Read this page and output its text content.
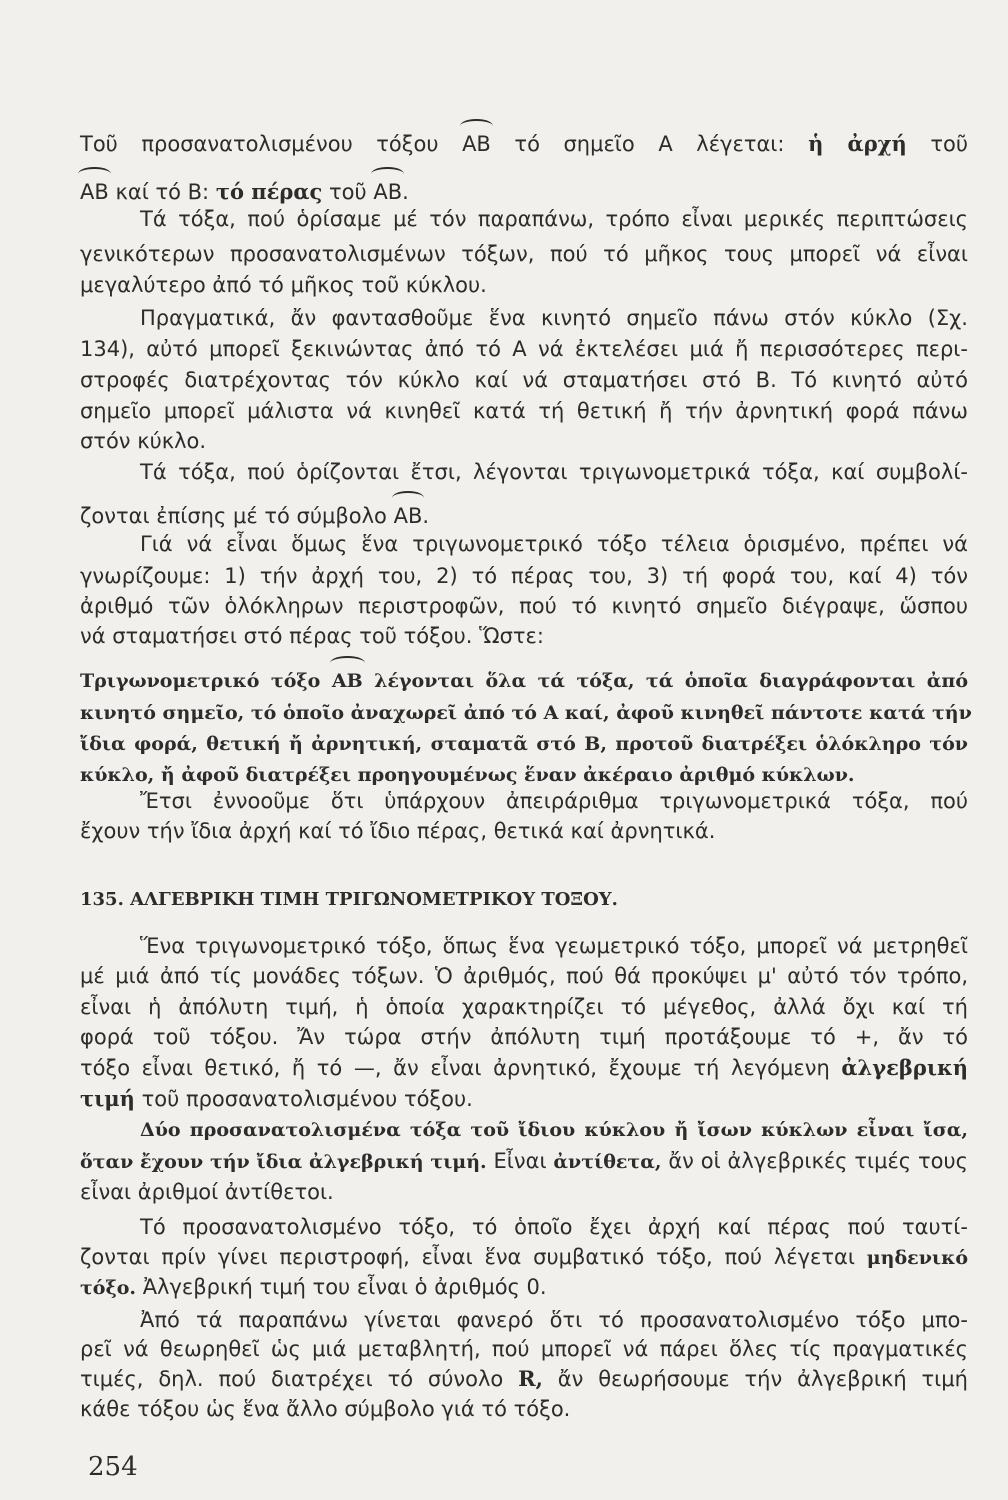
Τοῦ προσανατολισμένου τόξου AB τό σημεῖο Α λέγεται: ἡ ἀρχή τοῦ
AB καί τό Β: τό πέρας τοῦ AB.
Τά τόξα, πού ὁρίσαμε μέ τόν παραπάνω, τρόπο εἶναι μερικές περιπτώσεις
γενικότερων προσανατολισμένων τόξων, πού τό μῆκος τους μπορεῖ νά εἶναι
μεγαλύτερο ἀπό τό μῆκος τοῦ κύκλου.
Πραγματικά, ἄν φαντασθοῦμε ἕνα κινητό σημεῖο πάνω στόν κύκλο (Σχ.
134), αὐτό μπορεῖ ξεκινώντας ἀπό τό Α νά ἐκτελέσει μιά ἤ περισσότερες περι-
στροφές διατρέχοντας τόν κύκλο καί νά σταματήσει στό Β. Τό κινητό αὐτό
σημεῖο μπορεῖ μάλιστα νά κινηθεῖ κατά τή θετική ἤ τήν ἀρνητική φορά πάνω
στόν κύκλο.
Τά τόξα, πού ὁρίζονται ἔτσι, λέγονται τριγωνομετρικά τόξα, καί συμβολί-
ζονται ἐπίσης μέ τό σύμβολο AB.
Γιά νά εἶναι ὅμως ἕνα τριγωνομετρικό τόξο τέλεια ὁρισμένο, πρέπει νά
γνωρίζουμε: 1) τήν ἀρχή του, 2) τό πέρας του, 3) τή φορά του, καί 4) τόν
ἀριθμό τῶν ὁλόκληρων περιστροφῶν, πού τό κινητό σημεῖο διέγραψε, ὥσπου
νά σταματήσει στό πέρας τοῦ τόξου. Ὥστε:
Τριγωνομετρικό τόξο AB λέγονται ὅλα τά τόξα, τά ὁποῖα διαγράφονται ἀπό
κινητό σημεῖο, τό ὁποῖο ἀναχωρεῖ ἀπό τό Α καί, ἀφοῦ κινηθεῖ πάντοτε κατά τήν
ἴδια φορά, θετική ἤ ἀρνητική, σταματᾶ στό Β, προτοῦ διατρέξει ὁλόκληρο τόν
κύκλο, ἤ ἀφοῦ διατρέξει προηγουμένως ἕναν ἀκέραιο ἀριθμό κύκλων.
Ἔτσι ἐννοοῦμε ὅτι ὑπάρχουν ἀπειράριθμα τριγωνομετρικά τόξα, πού
ἔχουν τήν ἴδια ἀρχή καί τό ἴδιο πέρας, θετικά καί ἀρνητικά.
135. ΑΛΓΕΒΡΙΚΗ ΤΙΜΗ ΤΡΙΓΩΝΟΜΕΤΡΙΚΟΥ ΤΟΞΟΥ.
Ἕνα τριγωνομετρικό τόξο, ὅπως ἕνα γεωμετρικό τόξο, μπορεῖ νά μετρηθεῖ
μέ μιά ἀπό τίς μονάδες τόξων. Ὁ ἀριθμός, πού θά προκύψει μ' αὐτό τόν τρόπο,
εἶναι ἡ ἀπόλυτη τιμή, ἡ ὁποία χαρακτηρίζει τό μέγεθος, ἀλλά ὄχι καί τή
φορά τοῦ τόξου. Ἄν τώρα στήν ἀπόλυτη τιμή προτάξουμε τό +, ἄν τό
τόξο εἶναι θετικό, ἤ τό —, ἄν εἶναι ἀρνητικό, ἔχουμε τή λεγόμενη ἀλγεβρική
τιμή τοῦ προσανατολισμένου τόξου.
Δύο προσανατολισμένα τόξα τοῦ ἴδιου κύκλου ἤ ἴσων κύκλων εἶναι ἴσα,
ὅταν ἔχουν τήν ἴδια ἀλγεβρική τιμή. Εἶναι ἀντίθετα, ἄν οἱ ἀλγεβρικές τιμές τους
εἶναι ἀριθμοί ἀντίθετοι.
Τό προσανατολισμένο τόξο, τό ὁποῖο ἔχει ἀρχή καί πέρας πού ταυτί-
ζονται πρίν γίνει περιστροφή, εἶναι ἕνα συμβατικό τόξο, πού λέγεται μηδενικό
τόξο. Ἀλγεβρική τιμή του εἶναι ὁ ἀριθμός 0.
Ἀπό τά παραπάνω γίνεται φανερό ὅτι τό προσανατολισμένο τόξο μπο-
ρεῖ νά θεωρηθεῖ ὡς μιά μεταβλητή, πού μπορεῖ νά πάρει ὅλες τίς πραγματικές
τιμές, δηλ. πού διατρέχει τό σύνολο R, ἄν θεωρήσουμε τήν ἀλγεβρική τιμή
κάθε τόξου ὡς ἕνα ἄλλο σύμβολο γιά τό τόξο.
254
